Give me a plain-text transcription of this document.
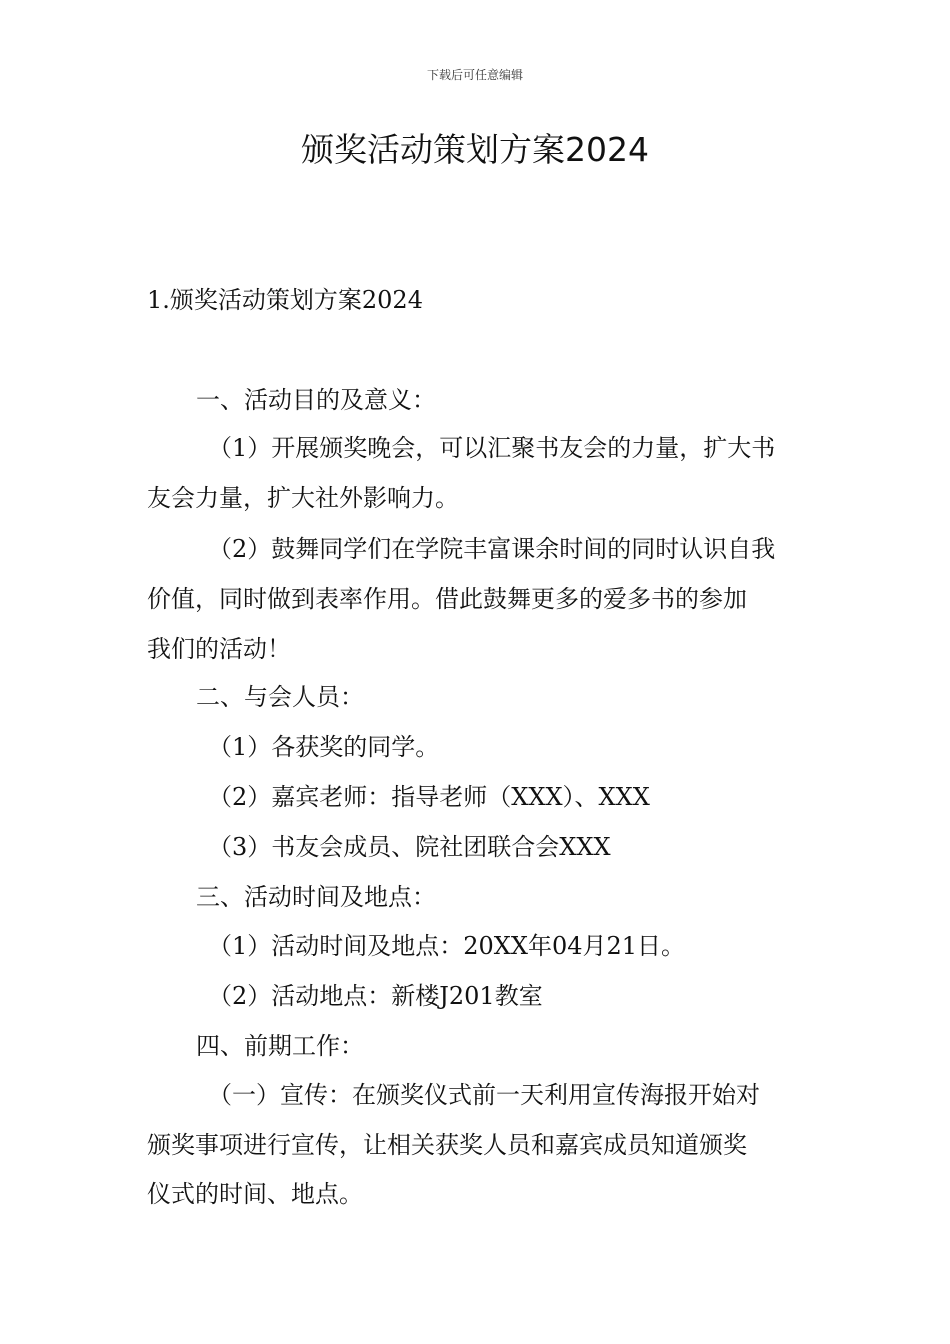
下载后可任意编辑
颁奖活动策划方案2024

1.颁奖活动策划方案2024

一、活动目的及意义：

（1）开展颁奖晚会，可以汇聚书友会的力量，扩大书

友会力量，扩大社外影响力。

（2）鼓舞同学们在学院丰富课余时间的同时认识自我

价值，同时做到表率作用。借此鼓舞更多的爱多书的参加

我们的活动！

二、与会人员：

（1）各获奖的同学。

（2）嘉宾老师：指导老师（XXX）、XXX

（3）书友会成员、院社团联合会XXX

三、活动时间及地点：

（1）活动时间及地点：20XX年04月21日。

（2）活动地点：新楼J201教室

四、前期工作：

（一）宣传：在颁奖仪式前一天利用宣传海报开始对

颁奖事项进行宣传，让相关获奖人员和嘉宾成员知道颁奖

仪式的时间、地点。
